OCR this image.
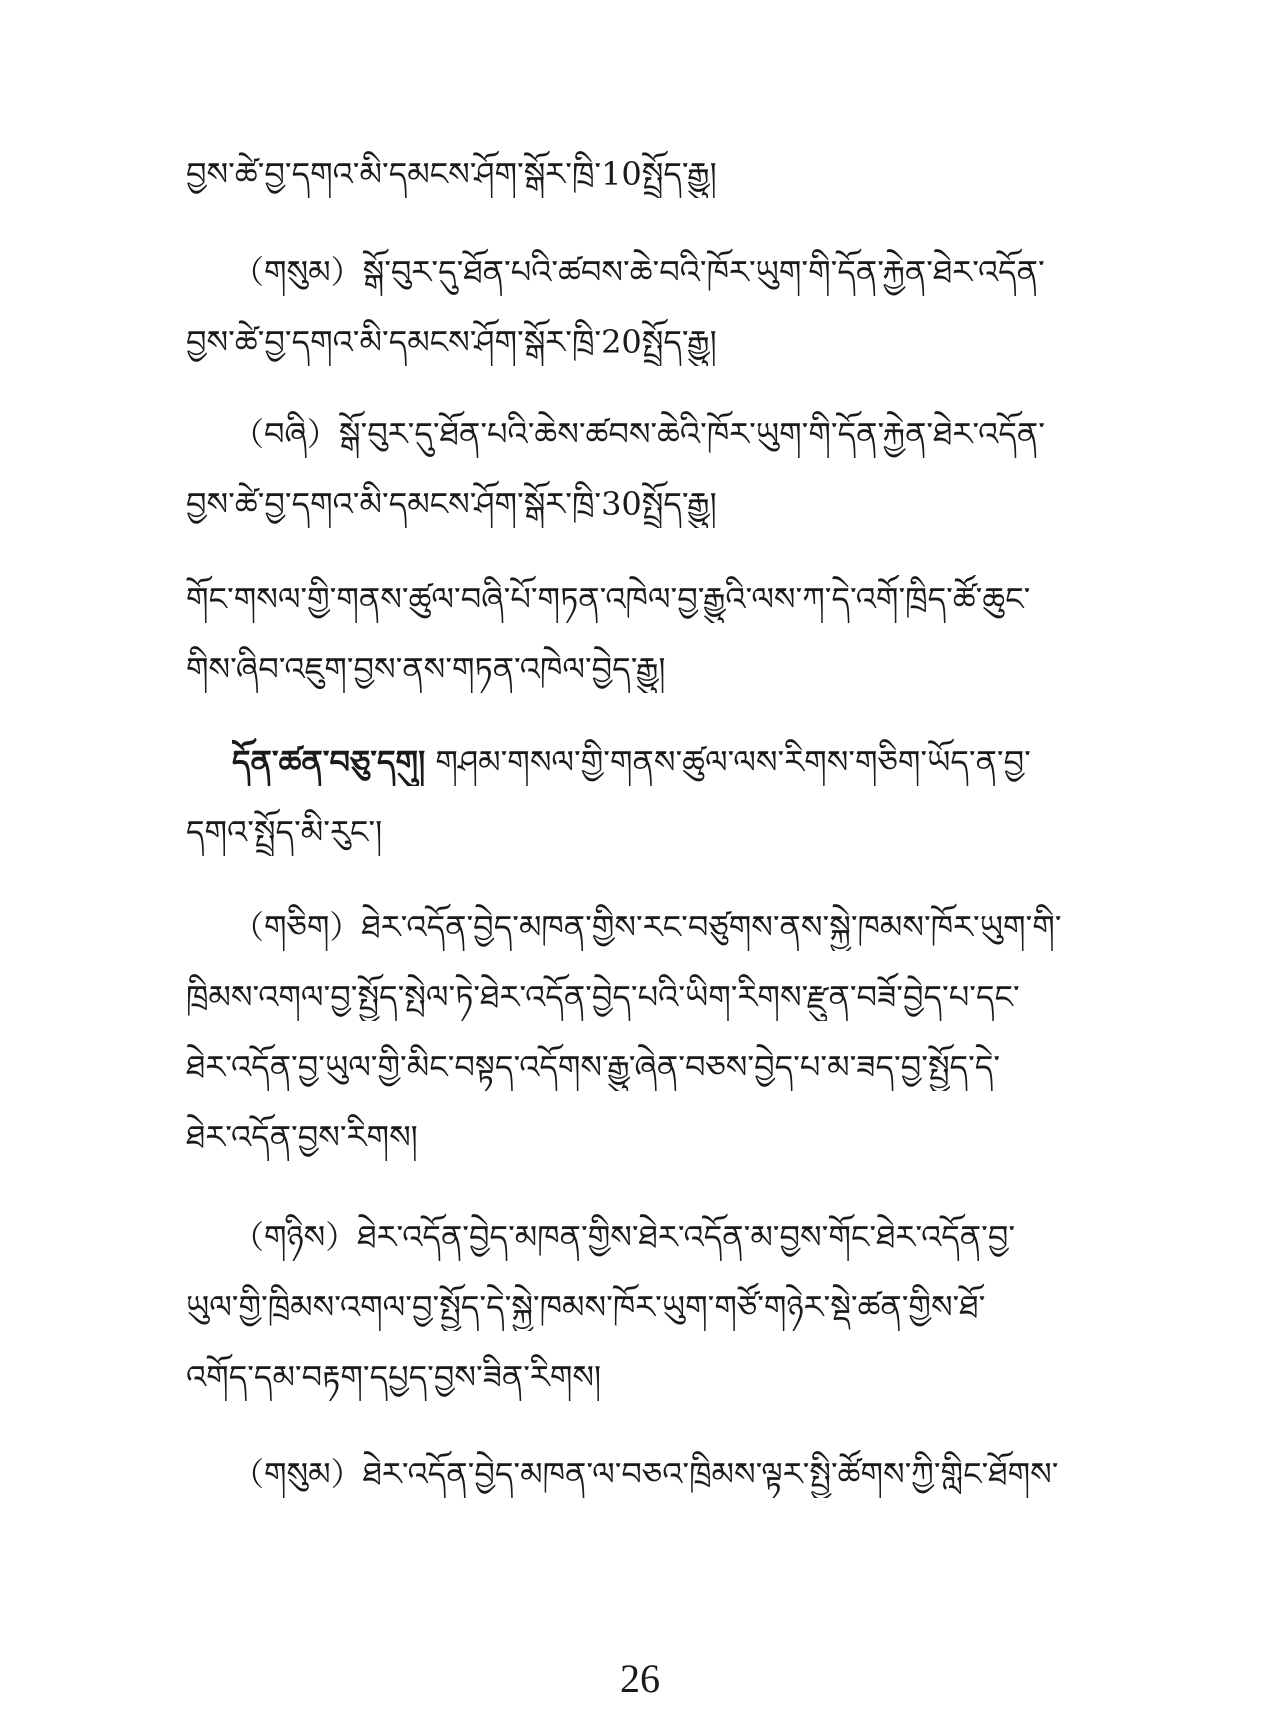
བྱས་ཚེ་བྱ་དགའ་མི་དམངས་ཤོག་སྒོར་ཁྲི་10སྤྲོད་རྒྱུ།
（གསུམ）སྒོ་བུར་དུ་ཐོན་པའི་ཚབས་ཆེ་བའི་ཁོར་ཡུག་གི་དོན་རྐྱེན་ཐེར་འདོན་
བྱས་ཚེ་བྱ་དགའ་མི་དམངས་ཤོག་སྒོར་ཁྲི་20སྤྲོད་རྒྱུ།
（བཞི）སྒོ་བུར་དུ་ཐོན་པའི་ཆེས་ཚབས་ཆེའི་ཁོར་ཡུག་གི་དོན་རྐྱེན་ཐེར་འདོན་
བྱས་ཚེ་བྱ་དགའ་མི་དམངས་ཤོག་སྒོར་ཁྲི་30སྤྲོད་རྒྱུ།
གོང་གསལ་གྱི་གནས་ཚུལ་བཞི་པོ་གཏན་འཁེལ་བྱ་རྒྱུའི་ལས་ཀ་དེ་འགོ་ཁྲིད་ཚོ་ཆུང་
གིས་ཞིབ་འཇུག་བྱས་ནས་གཏན་འཁེལ་བྱེད་རྒྱུ།
དོན་ཚན་བཅུ་དགུ། གཤམ་གསལ་གྱི་གནས་ཚུལ་ལས་རིགས་གཅིག་ཡོད་ན་བྱ་
དགའ་སྤྲོད་མི་རུང་།
（གཅིག）ཐེར་འདོན་བྱེད་མཁན་གྱིས་རང་བཙུགས་ནས་སྐྱེ་ཁམས་ཁོར་ཡུག་གི་
ཁྲིམས་འགལ་བྱ་སྤྱོད་སྤེལ་ཏེ་ཐེར་འདོན་བྱེད་པའི་ཡིག་རིགས་རྫུན་བཟོ་བྱེད་པ་དང་
ཐེར་འདོན་བྱ་ཡུལ་གྱི་མིང་བསྟད་འདོགས་རྒྱུ་ཞེན་བཅས་བྱེད་པ་མ་ཟད་བྱ་སྤྱོད་དེ་
ཐེར་འདོན་བྱས་རིགས།
（གཉིས）ཐེར་འདོན་བྱེད་མཁན་གྱིས་ཐེར་འདོན་མ་བྱས་གོང་ཐེར་འདོན་བྱ་
ཡུལ་གྱི་ཁྲིམས་འགལ་བྱ་སྤྱོད་དེ་སྐྱེ་ཁམས་ཁོར་ཡུག་གཙོ་གཉེར་སྡེ་ཚན་གྱིས་ཐོ་
འགོད་དམ་བརྟག་དཔྱད་བྱས་ཟིན་རིགས།
（གསུམ）ཐེར་འདོན་བྱེད་མཁན་ལ་བཅའ་ཁྲིམས་ལྟར་སྤྱི་ཚོགས་ཀྱི་གླིང་ཐོགས་
26
